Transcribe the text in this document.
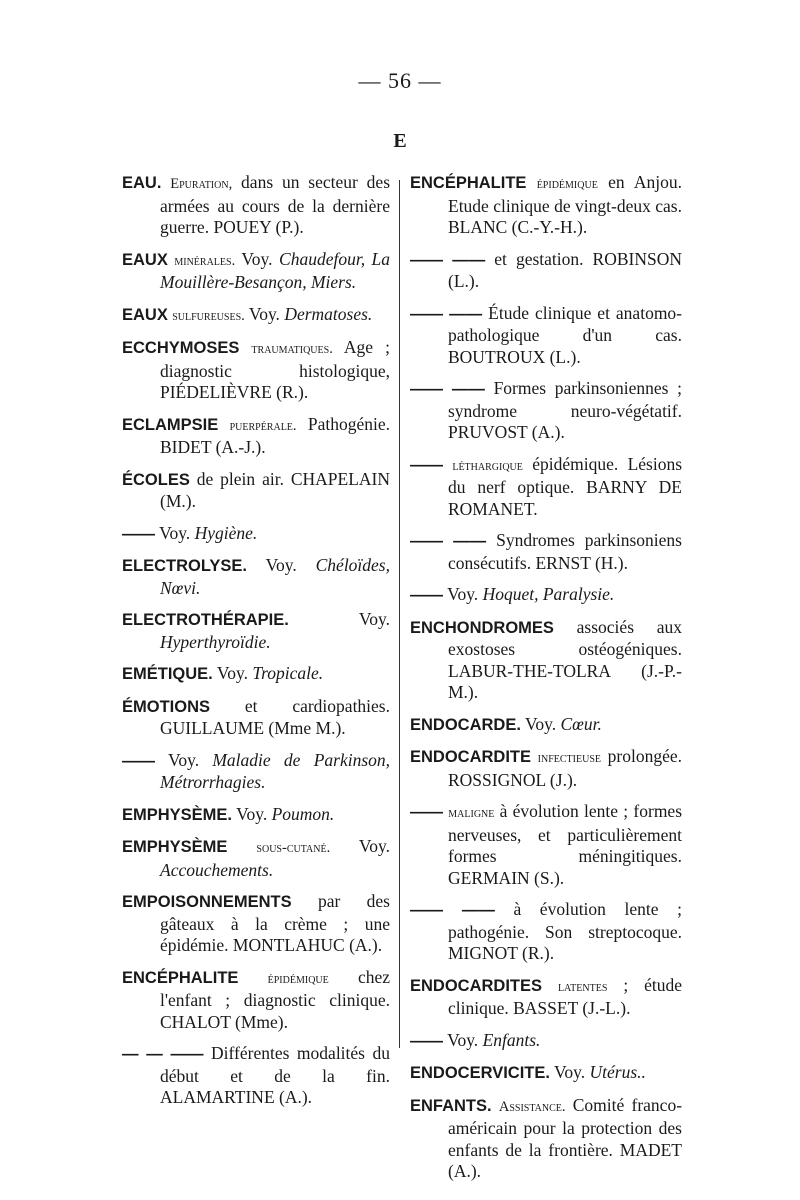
— 56 —
E
EAU. Epuration, dans un secteur des armées au cours de la dernière guerre. POUEY (P.).
EAUX minérales. Voy. Chaudefour, La Mouillère-Besançon, Miers.
EAUX sulfureuses. Voy. Dermatoses.
ECCHYMOSES traumatiques. Age ; diagnostic histologique, PIÉDELIÈVRE (R.).
ECLAMPSIE puerpérale. Pathogénie. BIDET (A.-J.).
ÉCOLES de plein air. CHAPELAIN (M.).
—— Voy. Hygiène.
ELECTROLYSE. Voy. Chéloïdes, Nœvi.
ELECTROTHÉRAPIE.	Voy. Hyperthyroïdie.
EMÉTIQUE. Voy. Tropicale.
ÉMOTIONS et cardiopathies. GUILLAUME (Mme M.).
—— Voy. Maladie de Parkinson, Métrorrhagies.
EMPHYSÈME. Voy. Poumon.
EMPHYSÈME sous-cutané. Voy. Accouchements.
EMPOISONNEMENTS par des gâteaux à la crème ; une épidémie. MONTLAHUC (A.).
ENCÉPHALITE épidémique chez l'enfant ; diagnostic clinique. CHALOT (Mme).
— — —— Différentes modalités du début et de la fin. ALAMARTINE (A.).
ENCÉPHALITE épidémique en Anjou. Etude clinique de vingt-deux cas. BLANC (C.-Y.-H.).
—— —— et gestation. ROBINSON (L.).
—— —— Étude clinique et anatomo-pathologique d'un cas. BOUTROUX (L.).
—— —— Formes parkinsoniennes ; syndrome neuro-végétatif. PRUVOST (A.).
—— léthargique épidémique. Lésions du nerf optique. BARNY DE ROMANET.
—— —— Syndromes parkinsoniens consécutifs. ERNST (H.).
—— Voy. Hoquet, Paralysie.
ENCHONDROMES associés aux exostoses ostéogéniques. LABUR-THE-TOLRA (J.-P.-M.).
ENDOCARDE. Voy. Cœur.
ENDOCARDITE infectieuse prolongée. ROSSIGNOL (J.).
—— maligne à évolution lente ; formes nerveuses, et particulièrement formes méningitiques. GERMAIN (S.).
—— —— à évolution lente ; pathogénie. Son streptocoque. MIGNOT (R.).
ENDOCARDITES latentes ; étude clinique. BASSET (J.-L.).
—— Voy. Enfants.
ENDOCERVICITE. Voy. Utérus..
ENFANTS. Assistance. Comité franco-américain pour la protection des enfants de la frontière. MADET (A.).
